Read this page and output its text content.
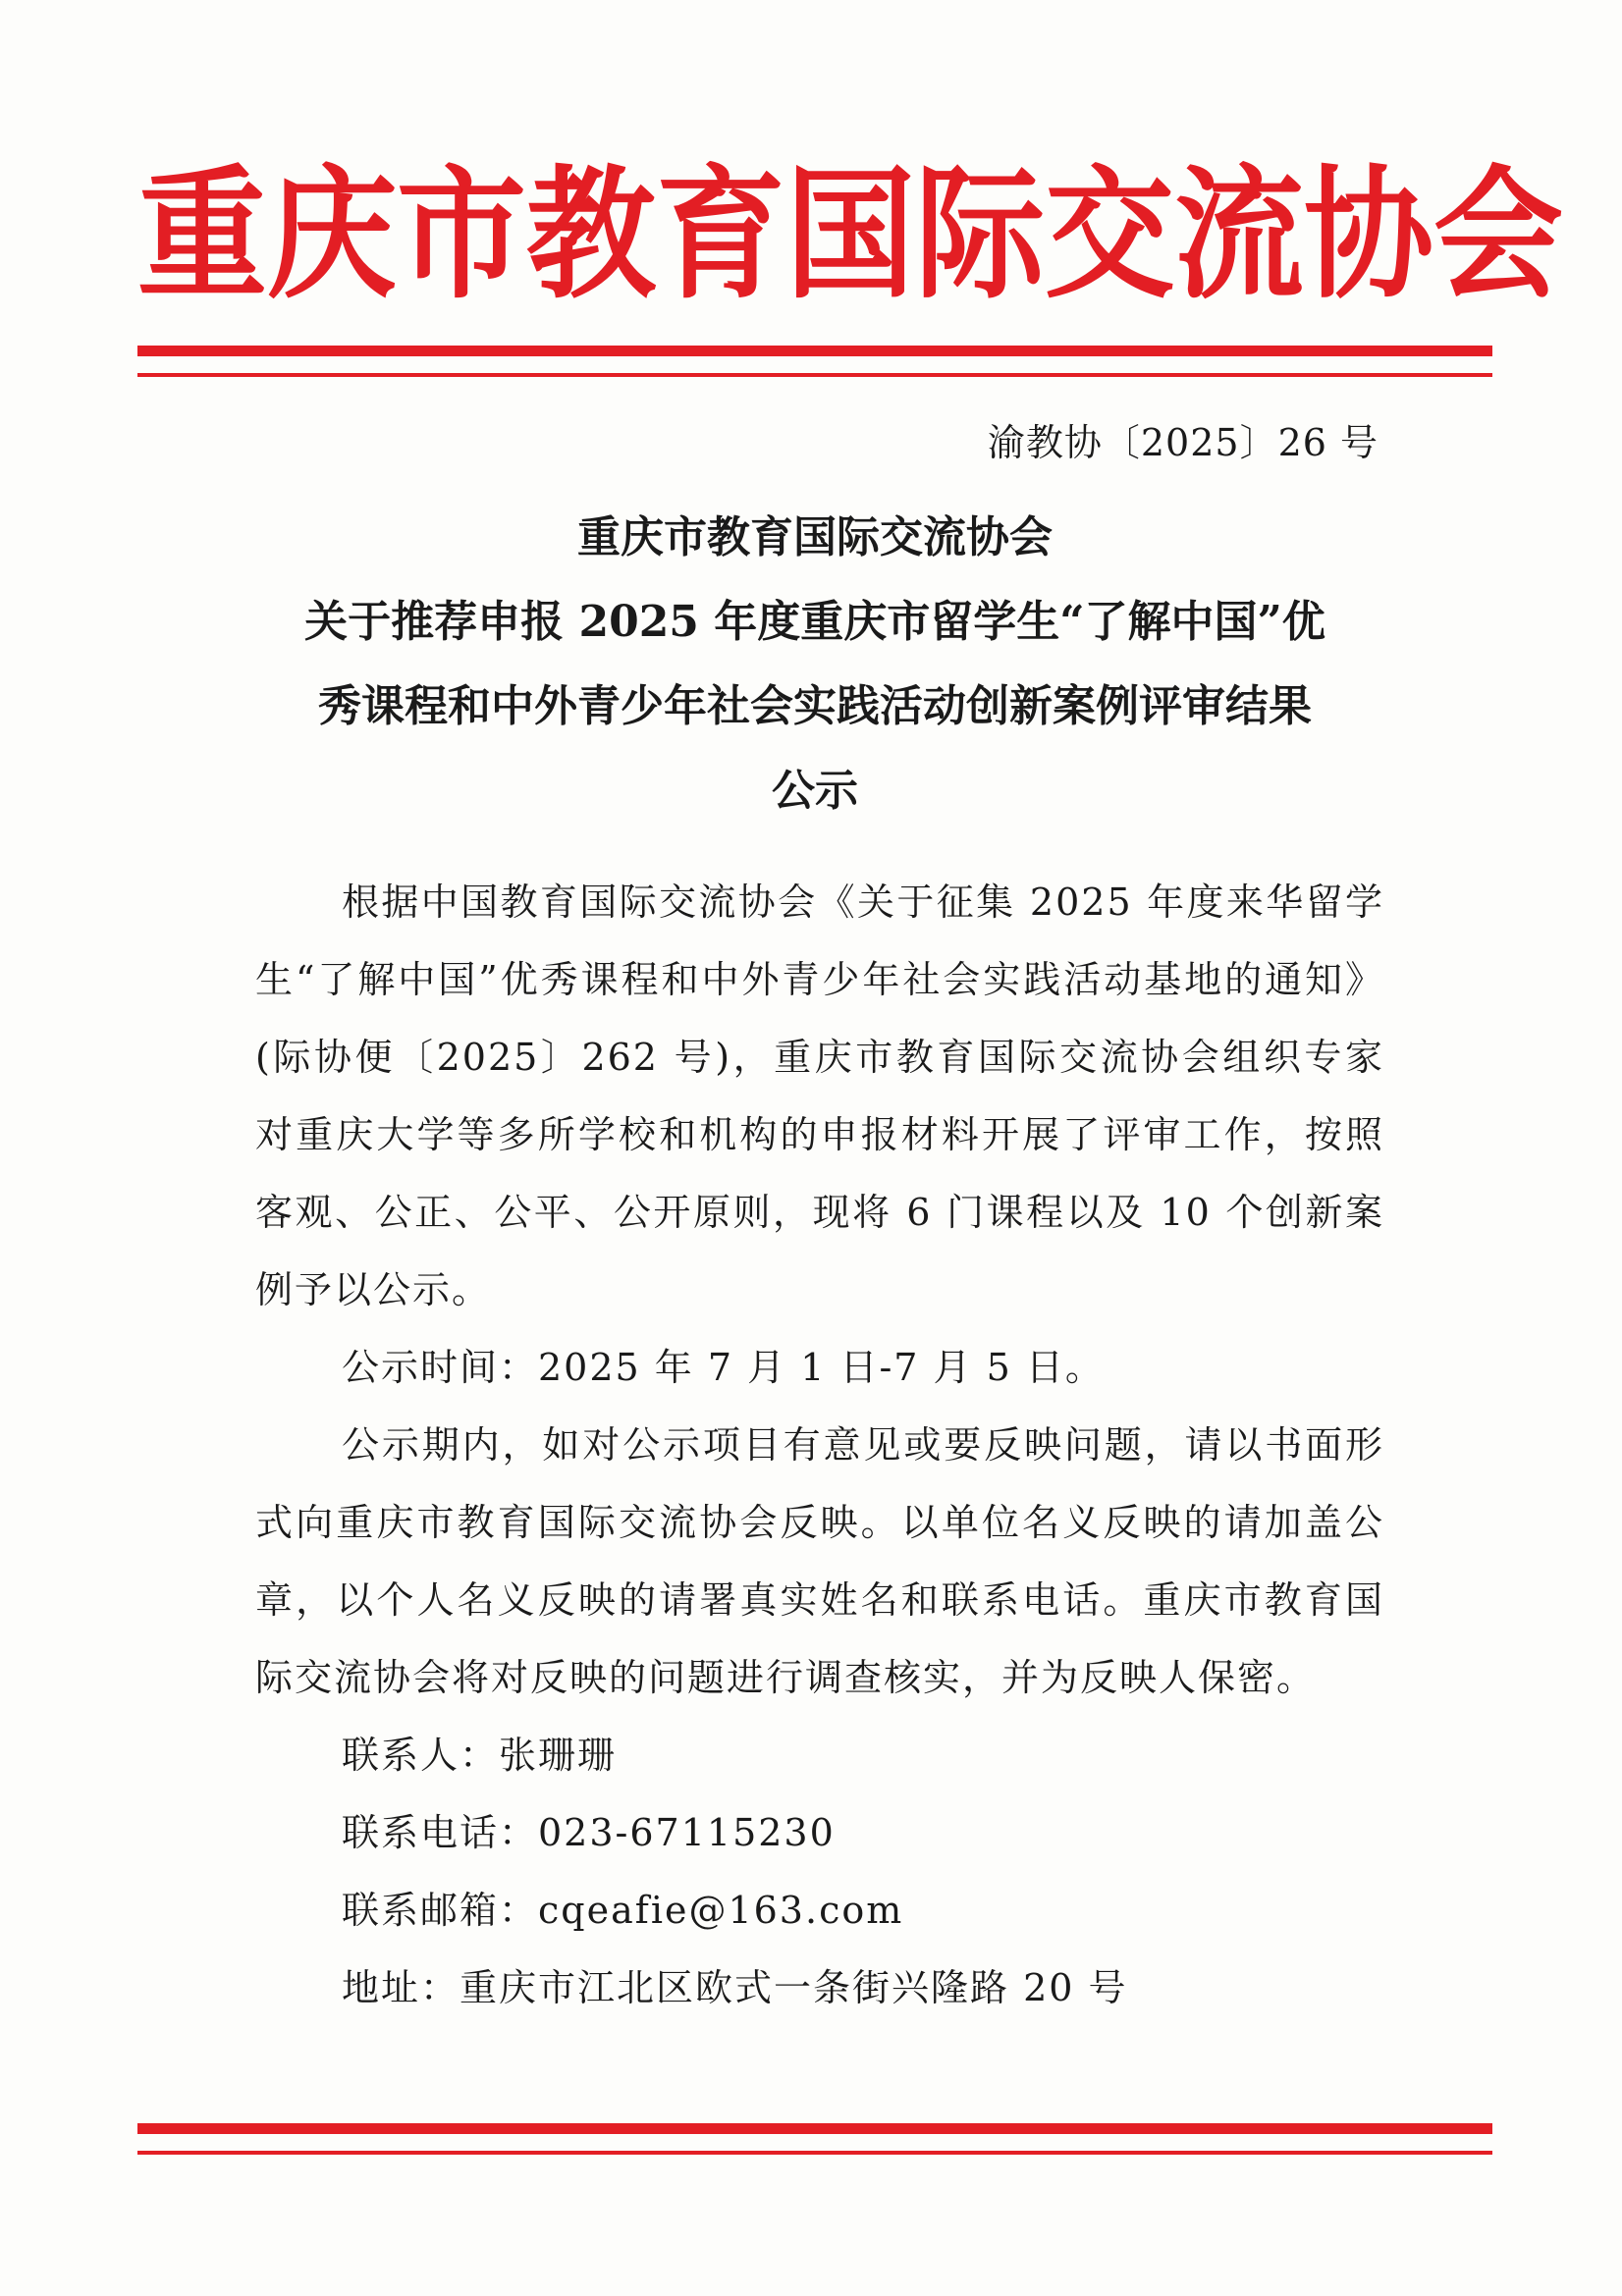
重 庆 市 教 育 国 际 交 流 协 会
渝教协〔2025〕26 号
重庆市教育国际交流协会
关于推荐申报 2025 年度重庆市留学生“了解中国”优
秀课程和中外青少年社会实践活动创新案例评审结果
公示

根据中国教育国际交流协会《关于征集 2025 年度来华留学生“了解中国”优秀课程和中外青少年社会实践活动基地的通知》(际协便〔2025〕262 号)，重庆市教育国际交流协会组织专家对重庆大学等多所学校和机构的申报材料开展了评审工作，按照客观、公正、公平、公开原则，现将 6 门课程以及 10 个创新案例予以公示。

公示时间：2025 年 7 月 1 日-7 月 5 日。

公示期内，如对公示项目有意见或要反映问题，请以书面形式向重庆市教育国际交流协会反映。以单位名义反映的请加盖公章，以个人名义反映的请署真实姓名和联系电话。重庆市教育国际交流协会将对反映的问题进行调查核实，并为反映人保密。

联系人：张珊珊
联系电话：023-67115230
联系邮箱：cqeafie@163.com
地址：重庆市江北区欧式一条街兴隆路 20 号
